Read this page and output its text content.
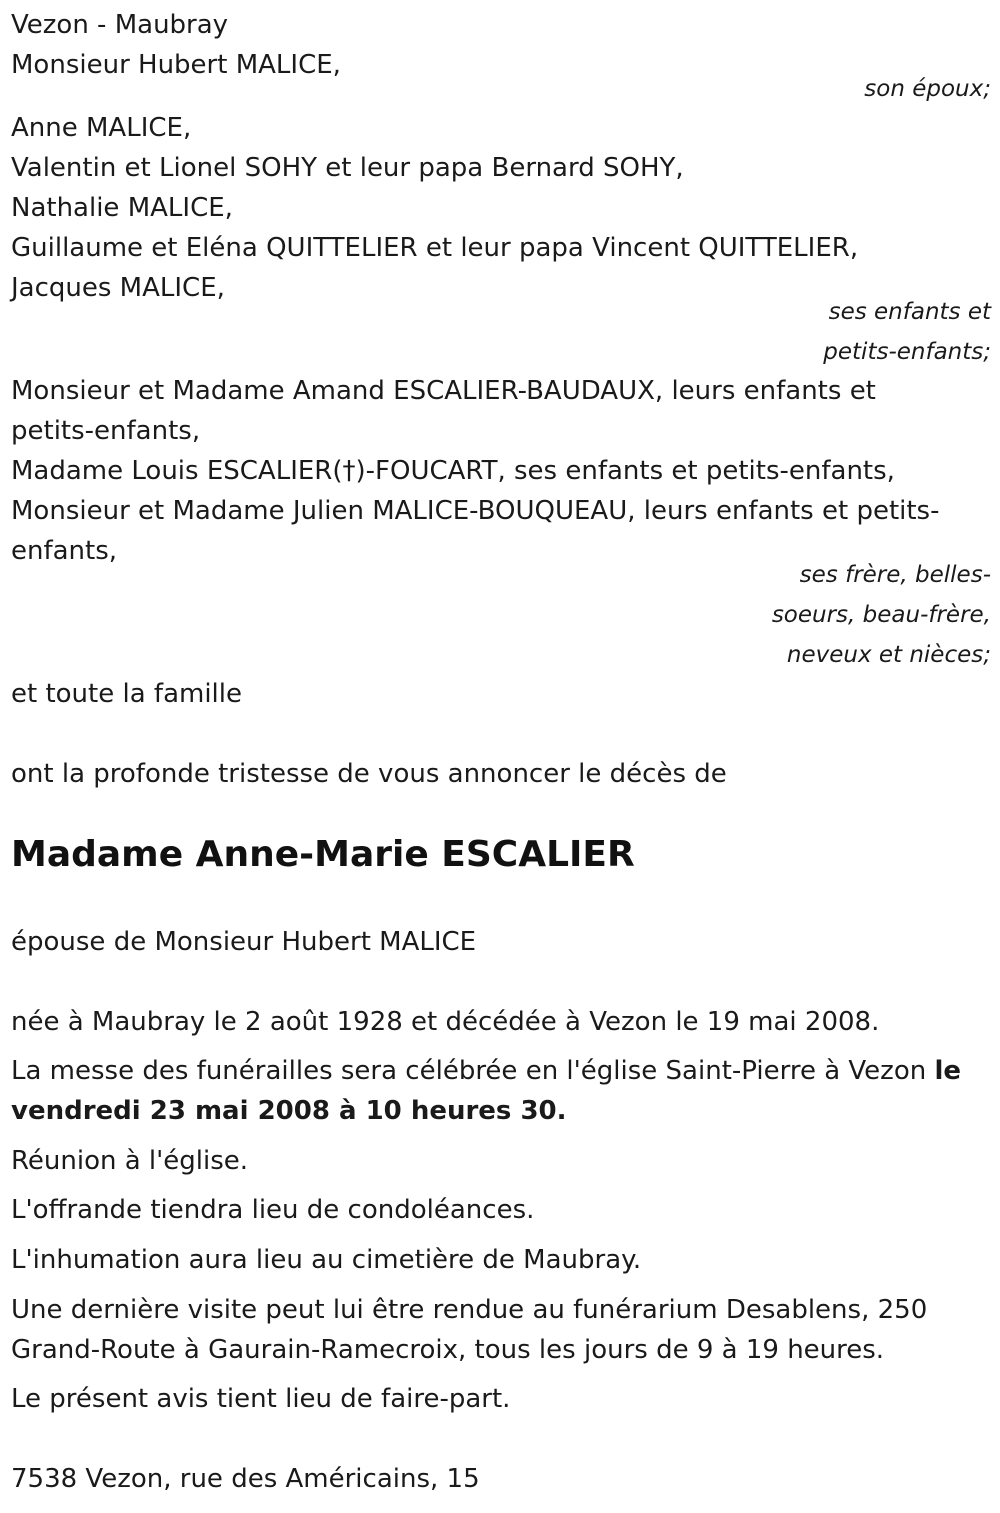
Vezon - Maubray
Monsieur Hubert MALICE,
son époux;
Anne MALICE,
Valentin et Lionel SOHY et leur papa Bernard SOHY,
Nathalie MALICE,
Guillaume et Eléna QUITTELIER et leur papa Vincent QUITTELIER,
Jacques MALICE,
ses enfants et
petits-enfants;
Monsieur et Madame Amand ESCALIER-BAUDAUX, leurs enfants et
petits-enfants,
Madame Louis ESCALIER(†)-FOUCART, ses enfants et petits-enfants,
Monsieur et Madame Julien MALICE-BOUQUEAU, leurs enfants et petits-
enfants,
ses frère, belles-
soeurs, beau-frère,
neveux et nièces;
et toute la famille
ont la profonde tristesse de vous annoncer le décès de
Madame Anne-Marie ESCALIER
épouse de Monsieur Hubert MALICE
née à Maubray le 2 août 1928 et décédée à Vezon le 19 mai 2008.
La messe des funérailles sera célébrée en l'église Saint-Pierre à Vezon le
vendredi 23 mai 2008 à 10 heures 30.
Réunion à l'église.
L'offrande tiendra lieu de condoléances.
L'inhumation aura lieu au cimetière de Maubray.
Une dernière visite peut lui être rendue au funérarium Desablens, 250
Grand-Route à Gaurain-Ramecroix, tous les jours de 9 à 19 heures.
Le présent avis tient lieu de faire-part.
7538 Vezon, rue des Américains, 15
